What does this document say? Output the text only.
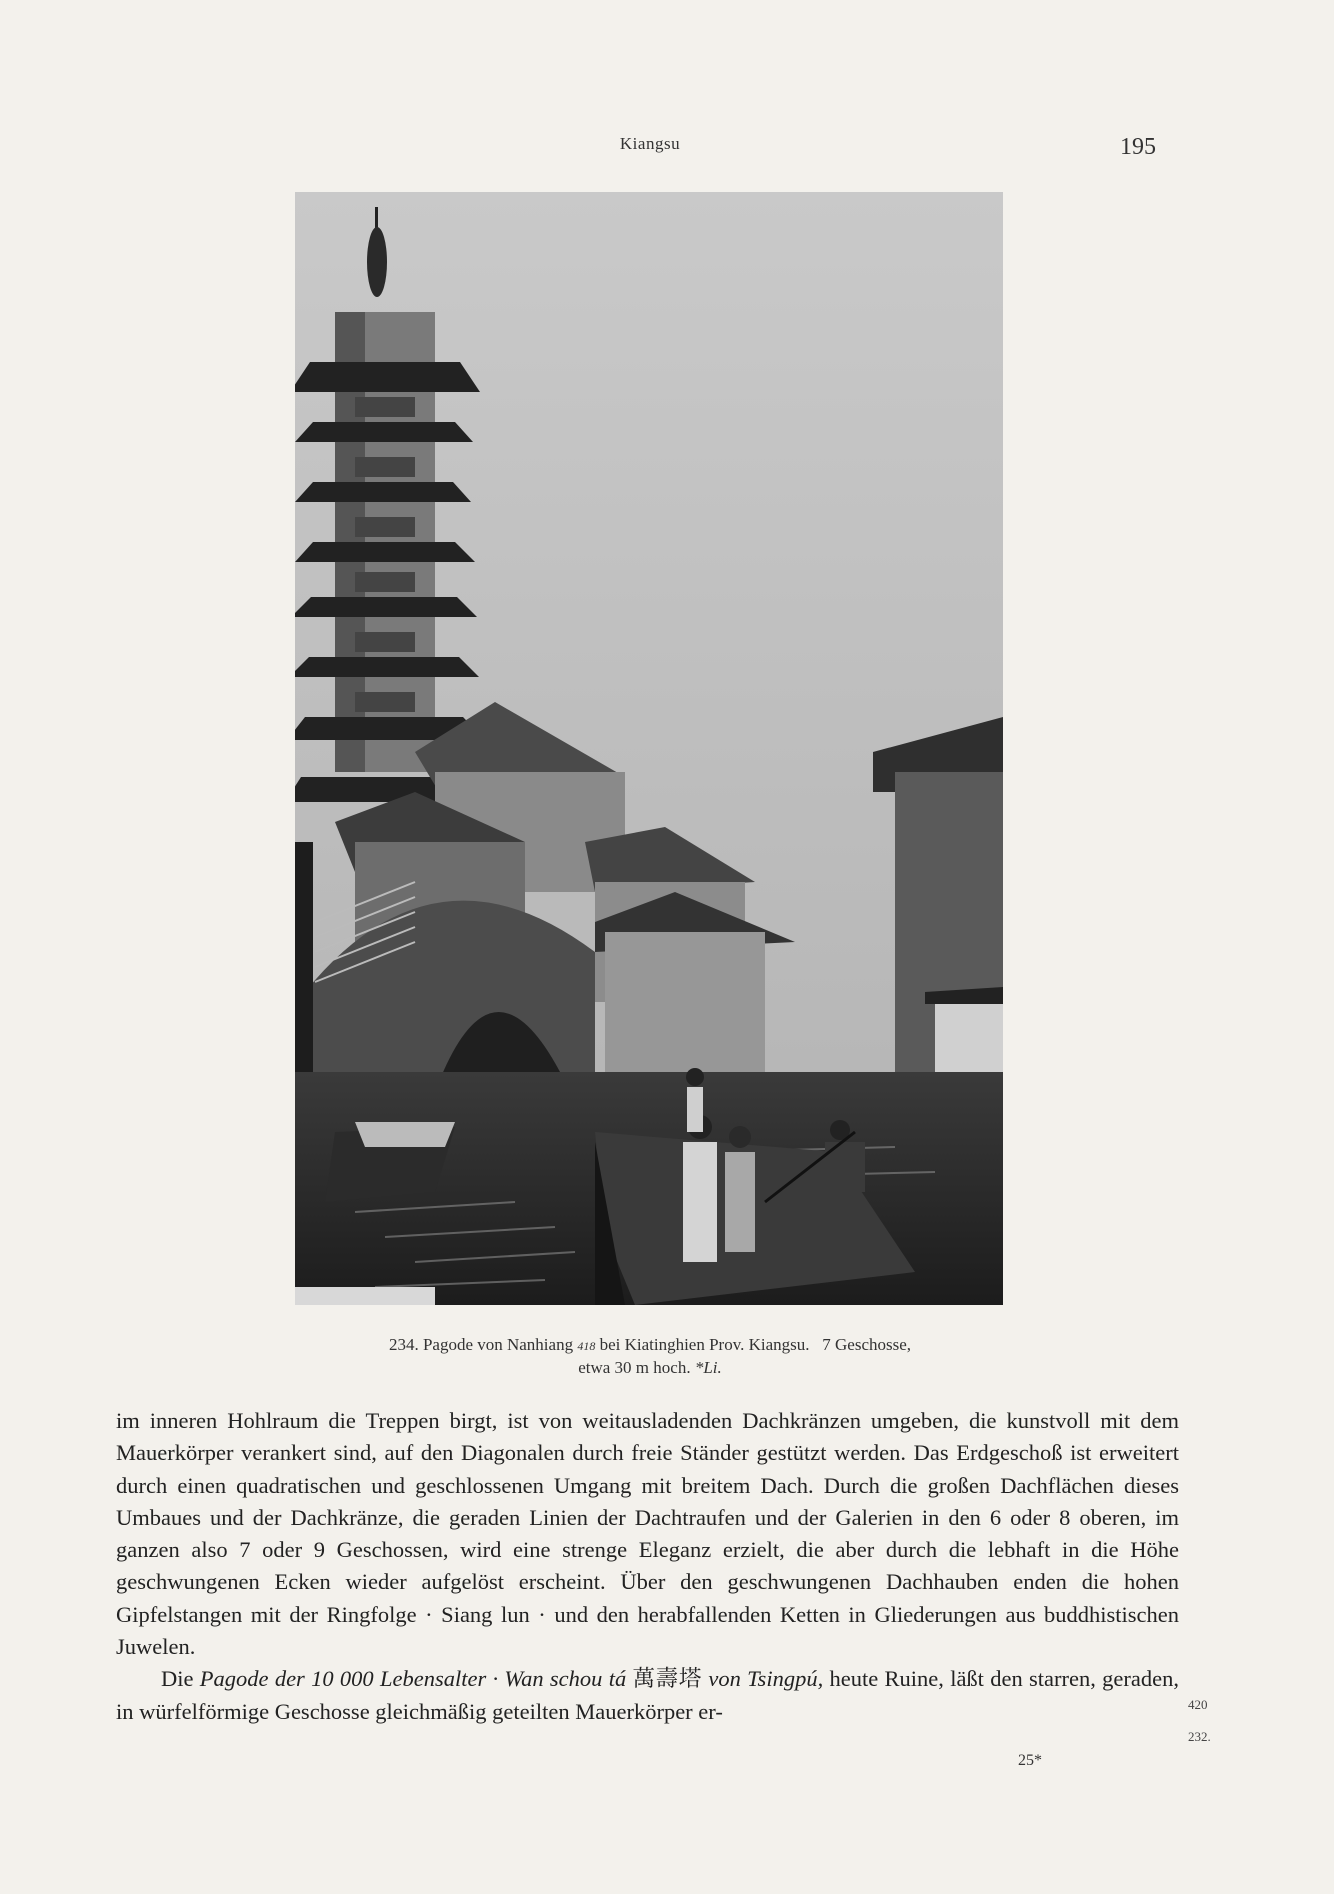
Kiangsu	195
234. Pagode von Nanhiang 418 bei Kiatinghien Prov. Kiangsu.   7 Geschosse,
etwa 30 m hoch. *Li.

im inneren Hohlraum die Treppen birgt, ist von weitausladenden Dachkränzen umgeben, die kunstvoll mit dem Mauerkörper verankert sind, auf den Diagonalen durch freie Ständer gestützt werden. Das Erdgeschoß ist erweitert durch einen quadratischen und geschlossenen Umgang mit breitem Dach. Durch die großen Dachflächen dieses Umbaues und der Dachkränze, die geraden Linien der Dachtraufen und der Galerien in den 6 oder 8 oberen, im ganzen also 7 oder 9 Geschossen, wird eine strenge Eleganz erzielt, die aber durch die lebhaft in die Höhe geschwungenen Ecken wieder aufgelöst erscheint. Über den geschwungenen Dachhauben enden die hohen Gipfelstangen mit der Ringfolge · Siang lun · und den herabfallenden Ketten in Gliederungen aus buddhistischen Juwelen.

Die Pagode der 10 000 Lebensalter · Wan schou tá 萬壽塔 von Tsingpú, heute Ruine, läßt den starren, geraden, in würfelförmige Geschosse gleichmäßig geteilten Mauerkörper er-	420
232.
25*
